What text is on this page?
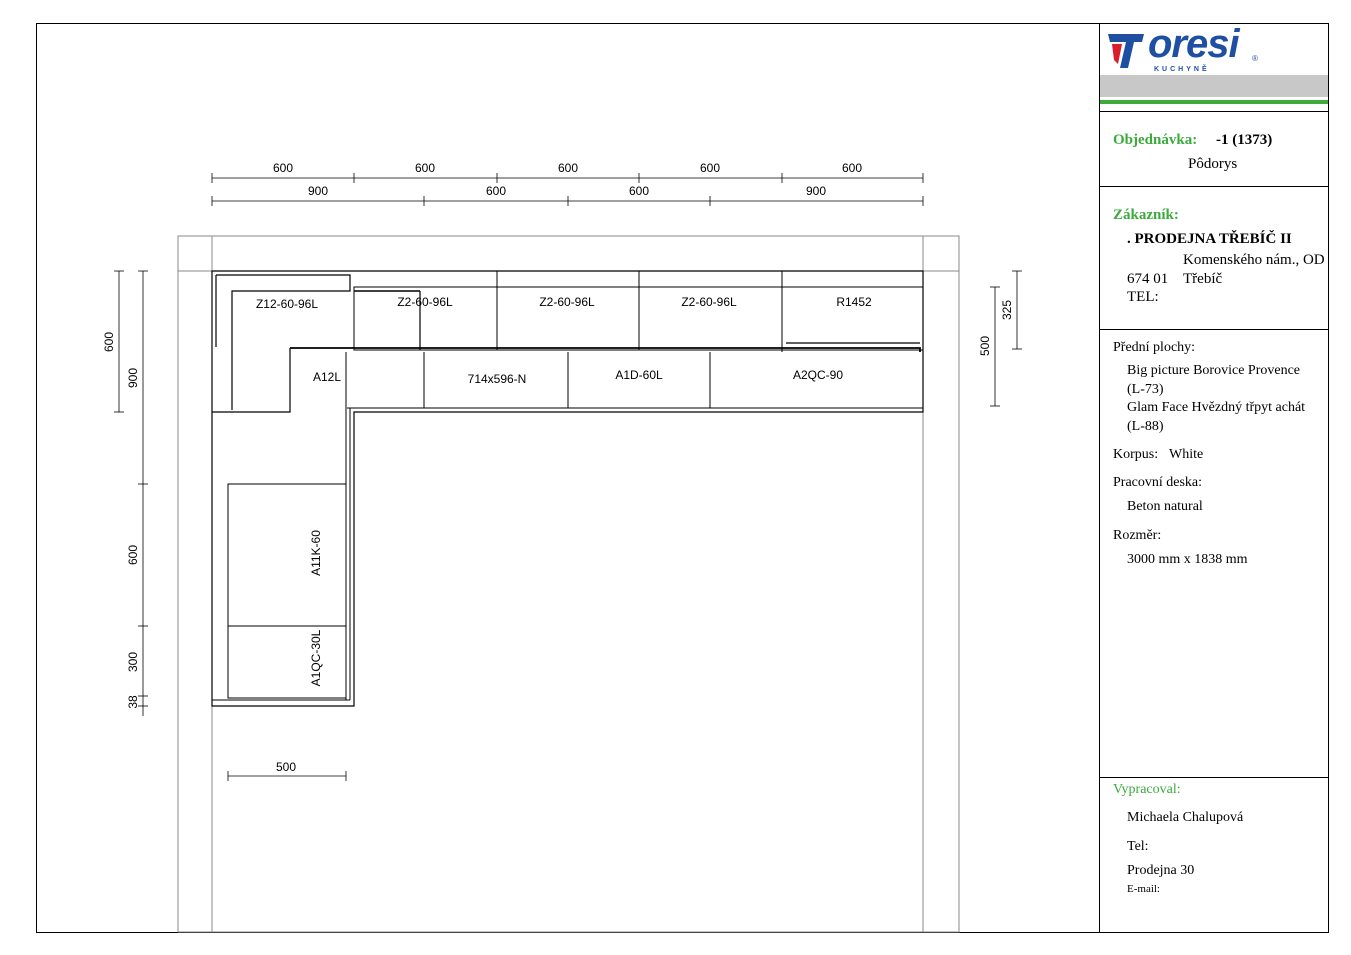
600	600	600	600	600
900	600	600	900
500
600
900
600
300
38
500
325
Z12-60-96L	Z2-60-96L	Z2-60-96L	Z2-60-96L	R1452
A12L	714x596-N	A1D-60L	A2QC-90
A11K-60
A1QC-30L
oresi ®
KUCHYNĚ
Objednávka: -1 (1373)
Pôdorys
Zákazník:
. PRODEJNA TŘEBÍČ II
Komenského nám., OD
674 01 Třebíč
TEL:
Přední plochy:
Big picture Borovice Provence
(L-73)
Glam Face Hvězdný třpyt achát
(L-88)
Korpus: White
Pracovní deska:
Beton natural
Rozměr:
3000 mm x 1838 mm
Vypracoval:
Michaela Chalupová
Tel:
Prodejna 30
E-mail:
